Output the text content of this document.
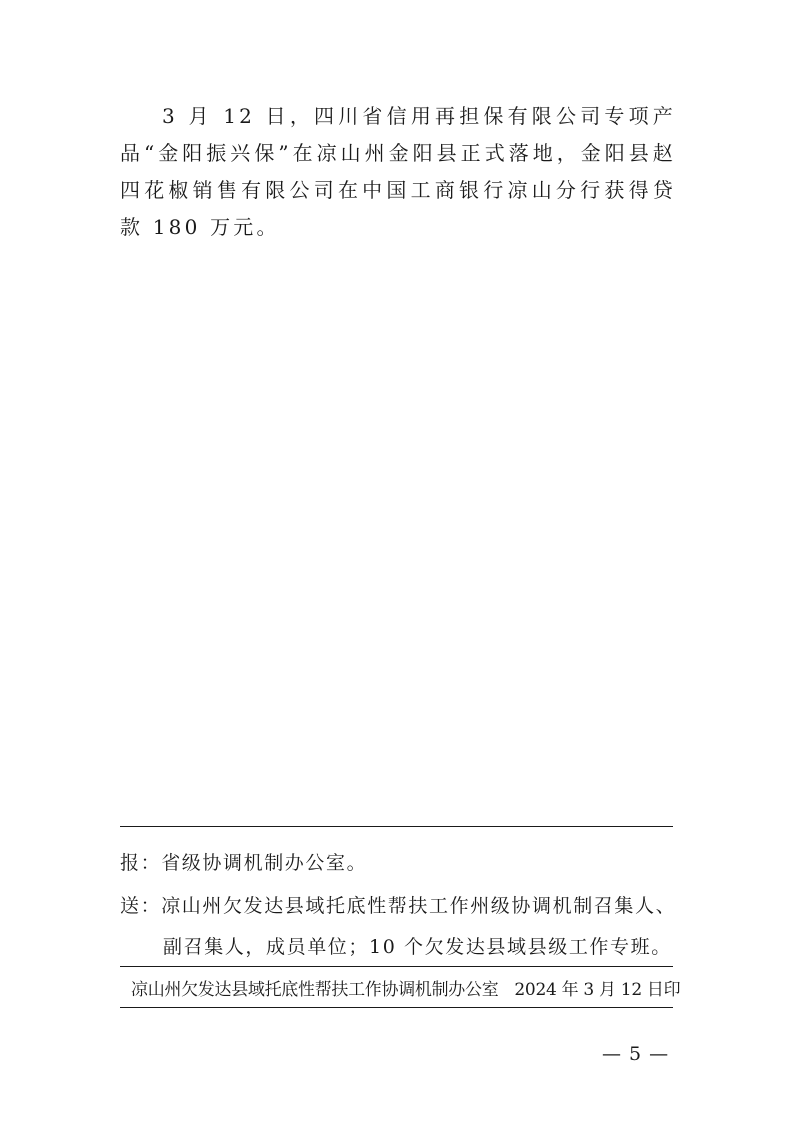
3 月 12 日，四川省信用再担保有限公司专项产品“金阳振兴保”在凉山州金阳县正式落地，金阳县赵四花椒销售有限公司在中国工商银行凉山分行获得贷款 180 万元。

报：省级协调机制办公室。
送：凉山州欠发达县域托底性帮扶工作州级协调机制召集人、
副召集人，成员单位；10 个欠发达县域县级工作专班。
凉山州欠发达县域托底性帮扶工作协调机制办公室 2024 年 3 月 12 日印
— 5 —
